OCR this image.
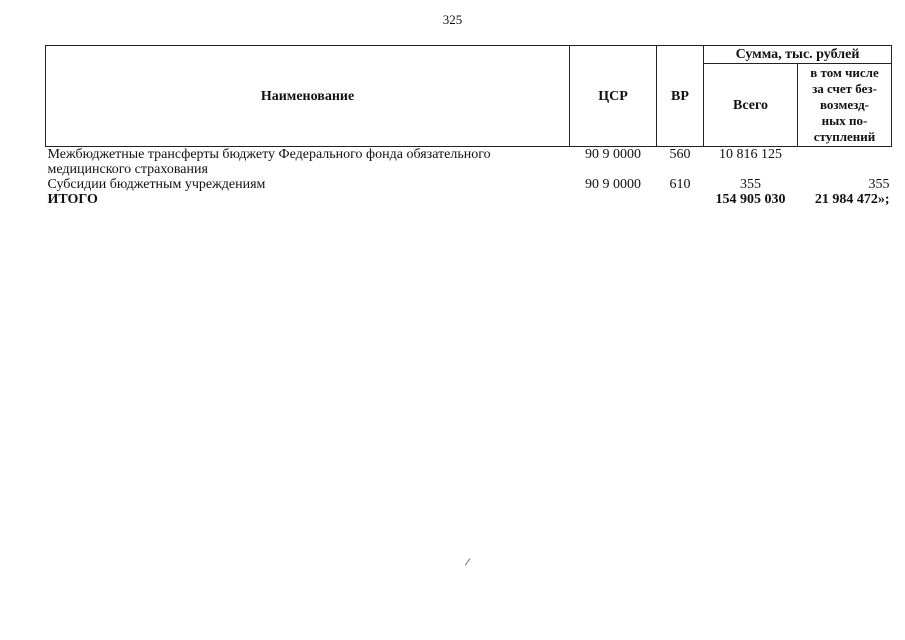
325
Наименование	ЦСР	ВР	Сумма, тыс. рублей	
			Всего	в том числе
за счет без-
возмезд-
ных по-
ступлений
Межбюджетные трансферты бюджету Федерального фонда обязательного медицинского страхования	90 9 0000	560	10 816 125	
Субсидии бюджетным учреждениям	90 9 0000	610	355	355
ИТОГО			154 905 030	21 984 472»;
